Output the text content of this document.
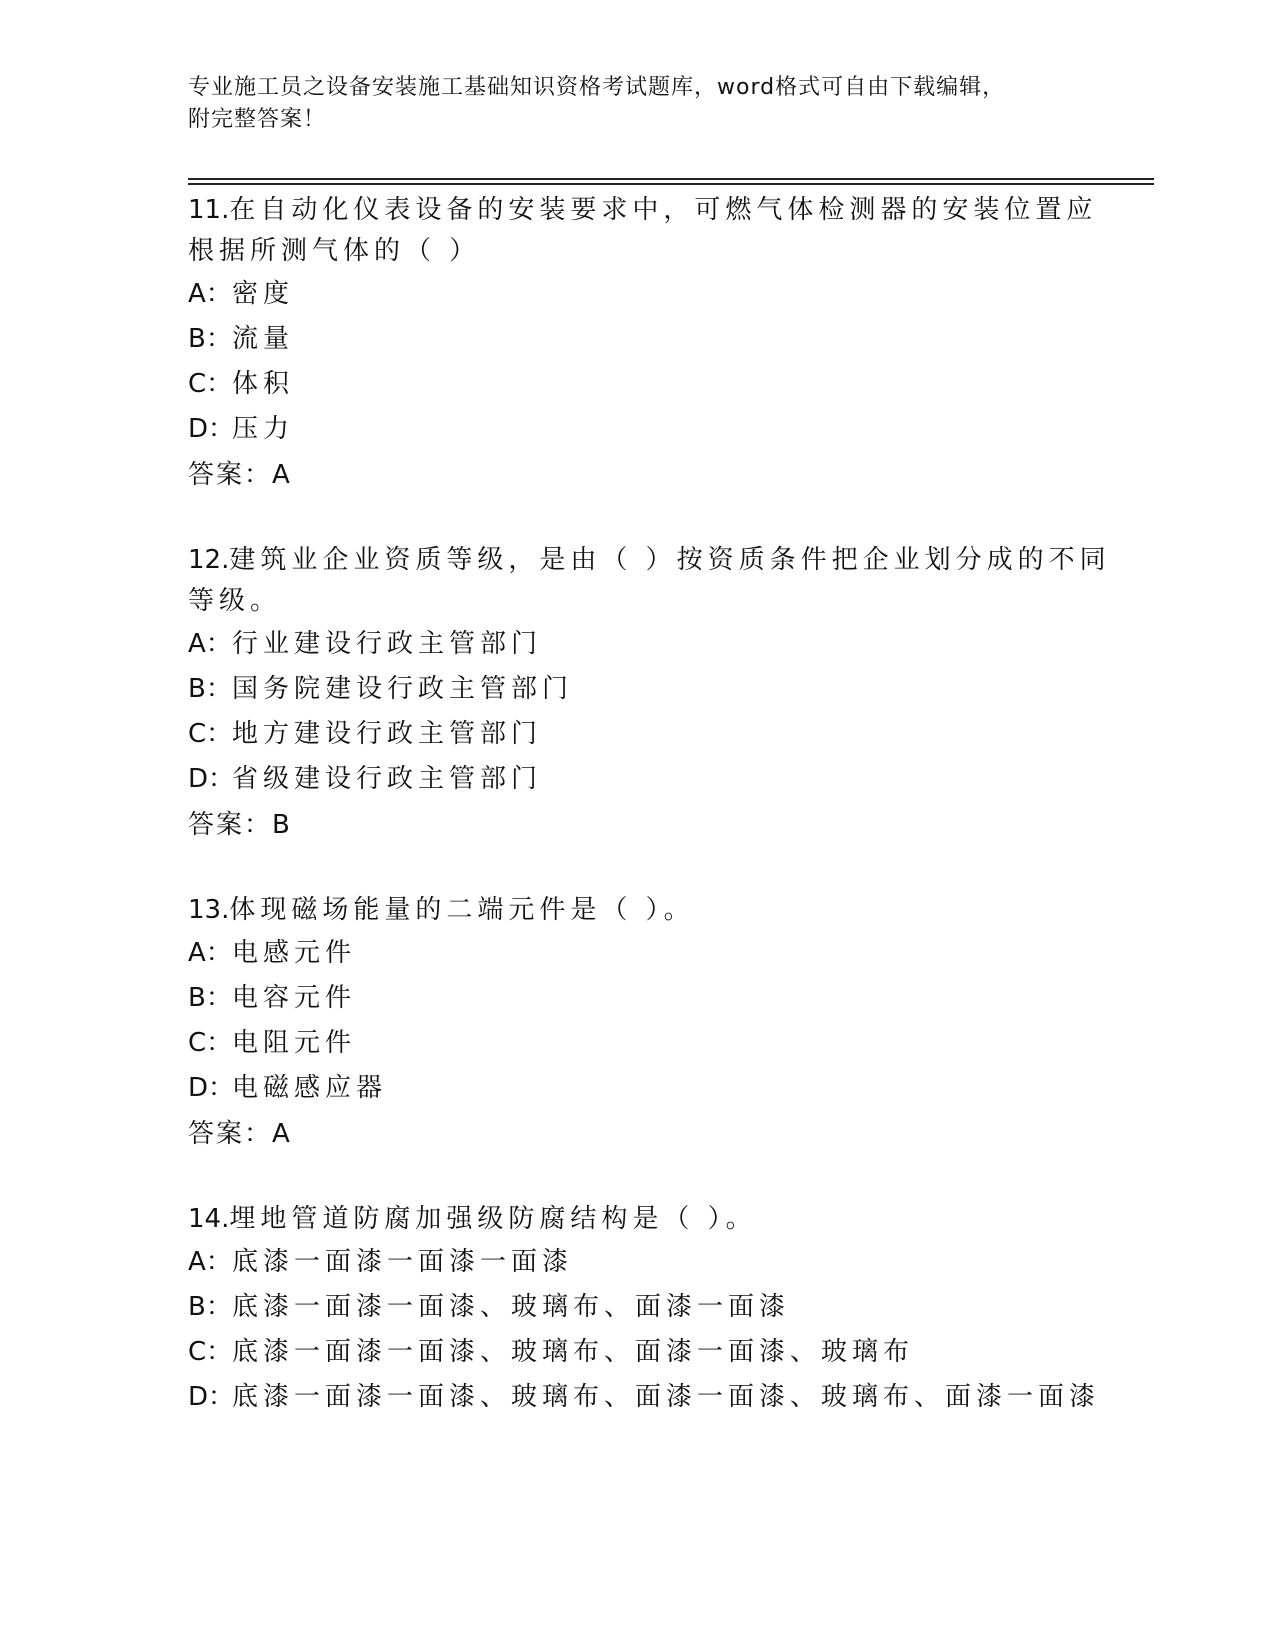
专业施工员之设备安装施工基础知识资格考试题库，word格式可自由下载编辑，
附完整答案！

11.在自动化仪表设备的安装要求中，可燃气体检测器的安装位置应根据所测气体的（ ）

A： 密度
B： 流量
C： 体积
D：
压力

答案：A

12.建筑业企业资质等级，是由（ ）按资质条件把企业划分成的不同等级。

A： 行业建设行政主管部门
B： 国务院建设行政主管部门
C： 地方建设行政主管部门
D：
省级建设行政主管部门

答案：B

13.体现磁场能量的二端元件是（ ）。

A： 电感元件
B： 电容元件
C： 电阻元件
D：
电磁感应器

答案：A

14.埋地管道防腐加强级防腐结构是（ ）。

A： 底漆一面漆一面漆一面漆
B： 底漆一面漆一面漆、玻璃布、面漆一面漆
C： 底漆一面漆一面漆、玻璃布、面漆一面漆、玻璃布
D：
底漆一面漆一面漆、玻璃布、面漆一面漆、玻璃布、面漆一面漆
